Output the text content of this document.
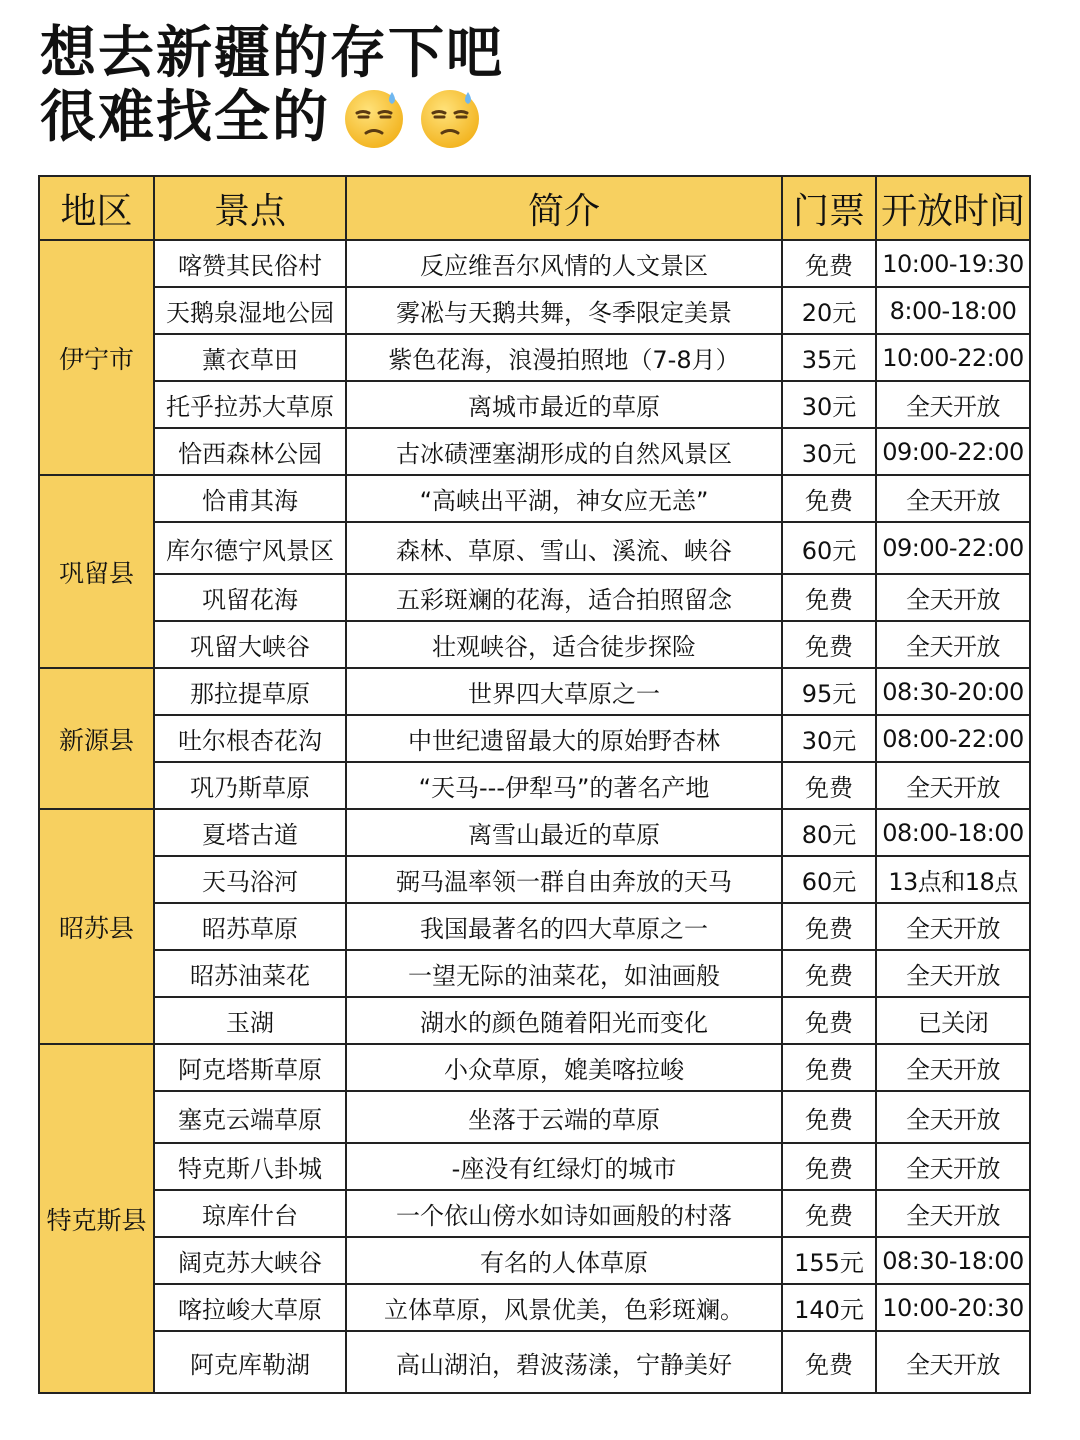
想去新疆的存下吧
很难找全的
地区	景点	简介	门票	开放时间
伊宁市	喀赞其民俗村	反应维吾尔风情的人文景区	免费	10:00-19:30
	天鹅泉湿地公园	雾凇与天鹅共舞，冬季限定美景	20元	8:00-18:00
	薰衣草田	紫色花海，浪漫拍照地（7-8月）	35元	10:00-22:00
	托乎拉苏大草原	离城市最近的草原	30元	全天开放
	恰西森林公园	古冰碛湮塞湖形成的自然风景区	30元	09:00-22:00
巩留县	恰甫其海	“高峡出平湖，神女应无恙”	免费	全天开放
	库尔德宁风景区	森林、草原、雪山、溪流、峡谷	60元	09:00-22:00
	巩留花海	五彩斑斓的花海，适合拍照留念	免费	全天开放
	巩留大峡谷	壮观峡谷，适合徒步探险	免费	全天开放
新源县	那拉提草原	世界四大草原之一	95元	08:30-20:00
	吐尔根杏花沟	中世纪遗留最大的原始野杏林	30元	08:00-22:00
	巩乃斯草原	“天马---伊犁马”的著名产地	免费	全天开放
昭苏县	夏塔古道	离雪山最近的草原	80元	08:00-18:00
	天马浴河	弼马温率领一群自由奔放的天马	60元	13点和18点
	昭苏草原	我国最著名的四大草原之一	免费	全天开放
	昭苏油菜花	一望无际的油菜花，如油画般	免费	全天开放
	玉湖	湖水的颜色随着阳光而变化	免费	已关闭
特克斯县	阿克塔斯草原	小众草原，媲美喀拉峻	免费	全天开放
	塞克云端草原	坐落于云端的草原	免费	全天开放
	特克斯八卦城	-座没有红绿灯的城市	免费	全天开放
	琼库什台	一个依山傍水如诗如画般的村落	免费	全天开放
	阔克苏大峡谷	有名的人体草原	155元	08:30-18:00
	喀拉峻大草原	立体草原，风景优美，色彩斑斓。	140元	10:00-20:30
	阿克库勒湖	高山湖泊，碧波荡漾，宁静美好	免费	全天开放
